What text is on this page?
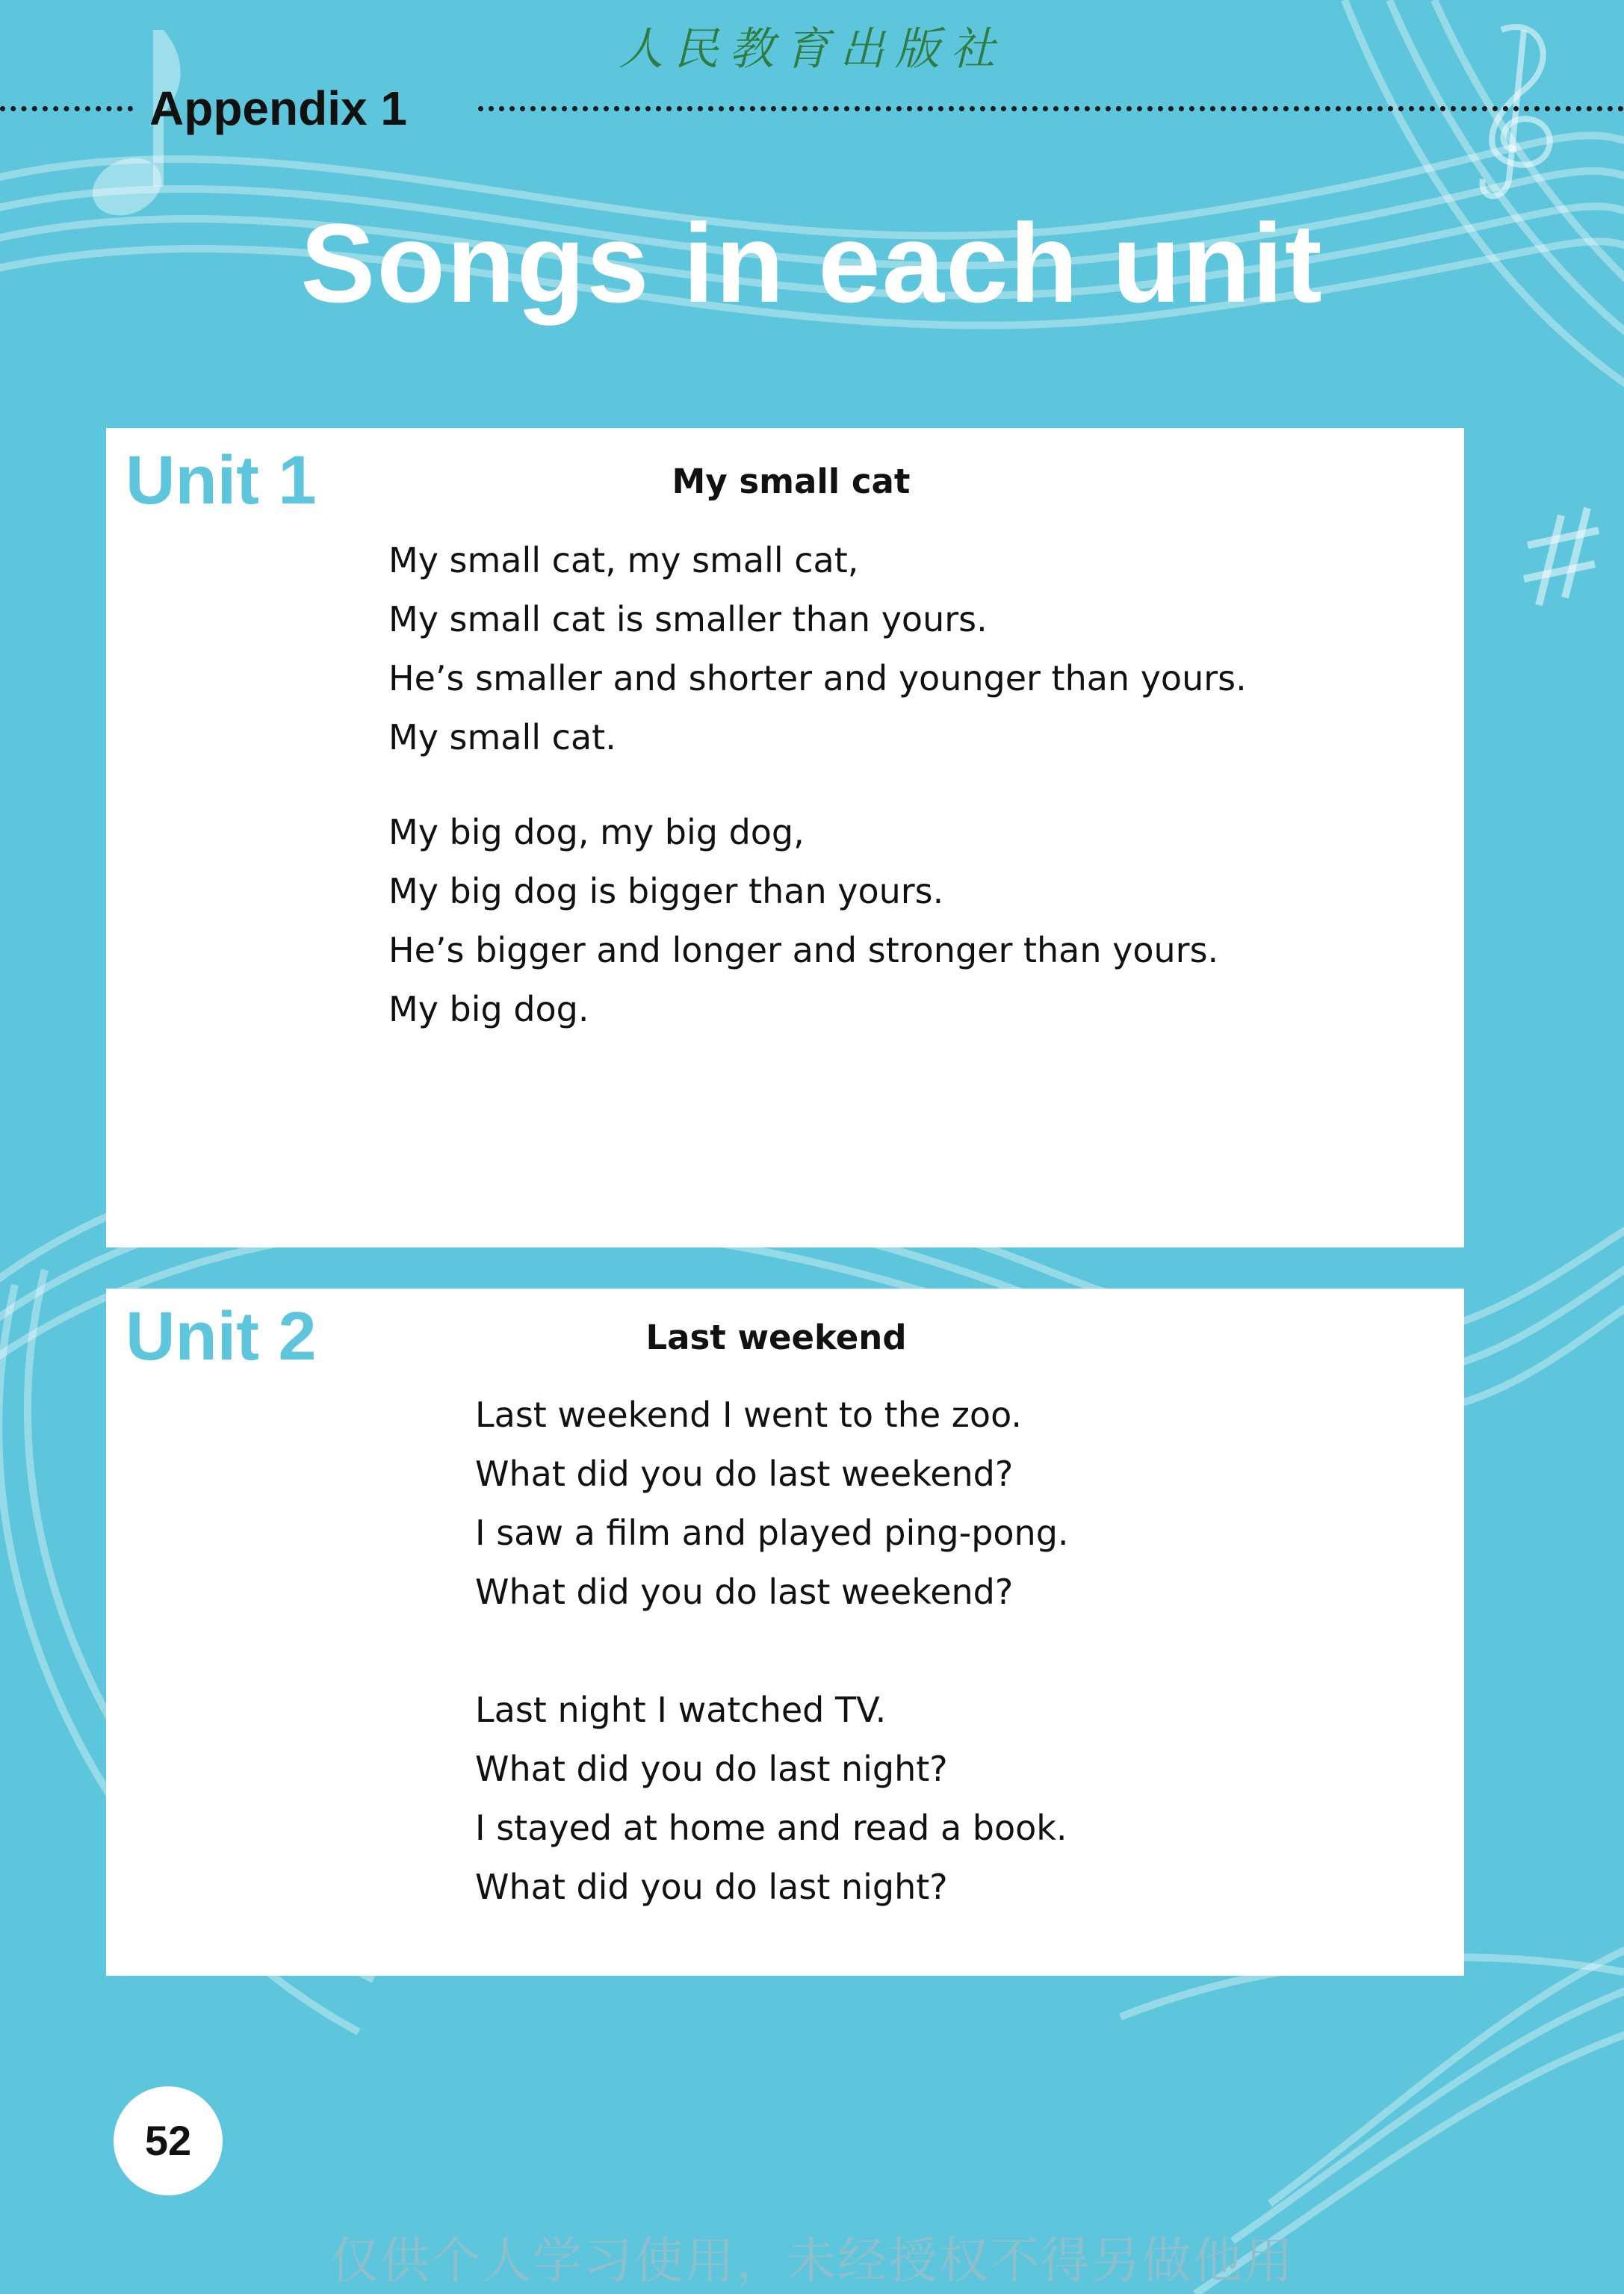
人民教育出版社
Appendix 1
Songs in each unit
Unit 1	My small cat
My small cat, my small cat,
My small cat is smaller than yours.
He’s smaller and shorter and younger than yours.
My small cat.
My big dog, my big dog,
My big dog is bigger than yours.
He’s bigger and longer and stronger than yours.
My big dog.
Unit 2	Last weekend
Last weekend I went to the zoo.
What did you do last weekend?
I saw a film and played ping-pong.
What did you do last weekend?
Last night I watched TV.
What did you do last night?
I stayed at home and read a book.
What did you do last night?
52
仅供个人学习使用，未经授权不得另做他用
